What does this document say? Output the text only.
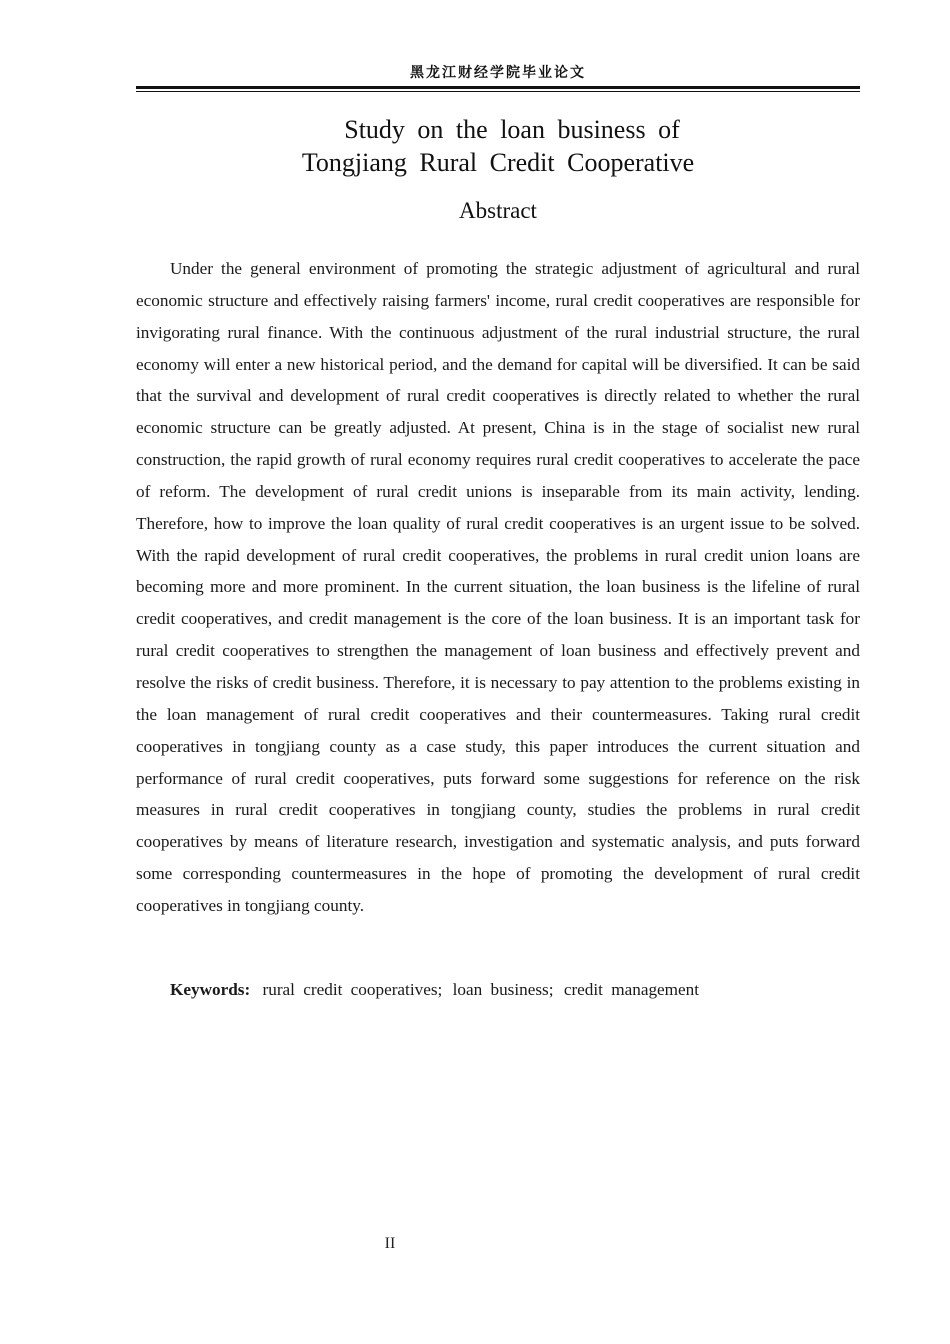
黑龙江财经学院毕业论文
Study on the loan business of
Tongjiang Rural Credit Cooperative
Abstract

Under the general environment of promoting the strategic adjustment of agricultural and rural economic structure and effectively raising farmers' income, rural credit cooperatives are responsible for invigorating rural finance. With the continuous adjustment of the rural industrial structure, the rural economy will enter a new historical period, and the demand for capital will be diversified. It can be said that the survival and development of rural credit cooperatives is directly related to whether the rural economic structure can be greatly adjusted. At present, China is in the stage of socialist new rural construction, the rapid growth of rural economy requires rural credit cooperatives to accelerate the pace of reform. The development of rural credit unions is inseparable from its main activity, lending. Therefore, how to improve the loan quality of rural credit cooperatives is an urgent issue to be solved. With the rapid development of rural credit cooperatives, the problems in rural credit union loans are becoming more and more prominent. In the current situation, the loan business is the lifeline of rural credit cooperatives, and credit management is the core of the loan business. It is an important task for rural credit cooperatives to strengthen the management of loan business and effectively prevent and resolve the risks of credit business. Therefore, it is necessary to pay attention to the problems existing in the loan management of rural credit cooperatives and their countermeasures. Taking rural credit cooperatives in tongjiang county as a case study, this paper introduces the current situation and performance of rural credit cooperatives, puts forward some suggestions for reference on the risk measures in rural credit cooperatives in tongjiang county, studies the problems in rural credit cooperatives by means of literature research, investigation and systematic analysis, and puts forward some corresponding countermeasures in the hope of promoting the development of rural credit cooperatives in tongjiang county.

Keywords: rural credit cooperatives; loan business; credit management
II
